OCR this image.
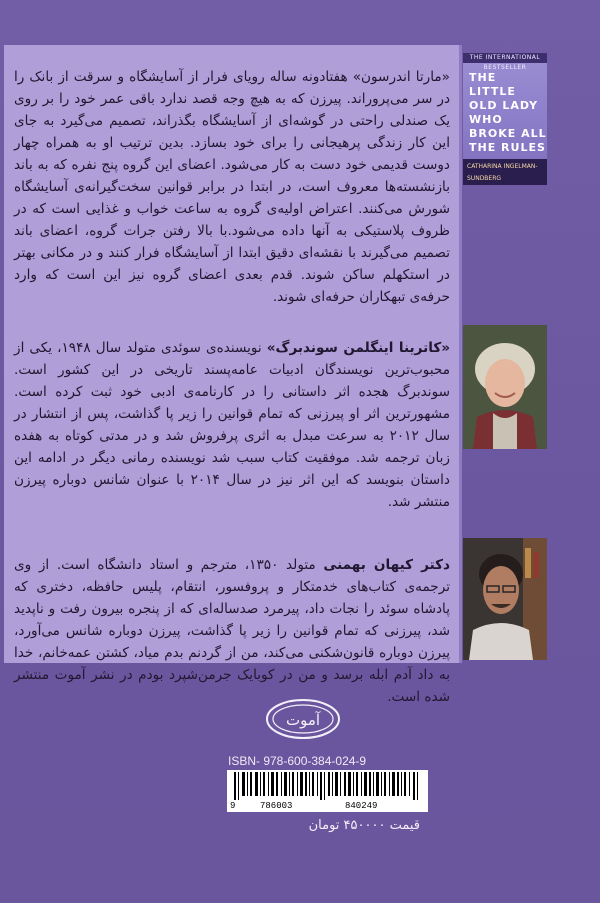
«مارتا اندرسون» هفتادونه ساله رویای فرار از آسایشگاه و سرقت از بانک را در سر می‌پروراند. پیرزن که به هیچ وجه قصد ندارد باقی عمر خود را بر روی یک صندلی راحتی در گوشه‌ای از آسایشگاه بگذراند، تصمیم می‌گیرد به جای این کار زندگی پرهیجانی را برای خود بسازد. بدین ترتیب او به همراه چهار دوست قدیمی خود دست به کار می‌شود. اعضای این گروه پنج نفره که به باند بازنشسته‌ها معروف است، در ابتدا در برابر قوانین سخت‌گیرانه‌ی آسایشگاه شورش می‌کنند. اعتراض اولیه‌ی گروه به ساعت خواب و غذایی است که در ظروف پلاستیکی به آنها داده می‌شود.با بالا رفتن جرات گروه، اعضای باند تصمیم می‌گیرند با نقشه‌ای دقیق ابتدا از آسایشگاه فرار کنند و در مکانی بهتر در استکهلم ساکن شوند. قدم بعدی اعضای گروه نیز این است که وارد حرفه‌ی تبهکاران حرفه‌ای شوند.

«کاترینا اینگلمن سوندبرگ» نویسنده‌ی سوئدی متولد سال ۱۹۴۸، یکی از محبوب‌ترین نویسندگان ادبیات عامه‌پسند تاریخی در این کشور است. سوندبرگ هجده اثر داستانی را در کارنامه‌ی ادبی خود ثبت کرده است. مشهورترین اثر او پیرزنی که تمام قوانین را زیر پا گذاشت، پس از انتشار در سال ۲۰۱۲ به سرعت مبدل به اثری پرفروش شد و در مدتی کوتاه به هفده زبان ترجمه شد. موفقیت کتاب سبب شد نویسنده رمانی دیگر در ادامه این داستان بنویسد که این اثر نیز در سال ۲۰۱۴ با عنوان شانس دوباره پیرزن منتشر شد.

دکتر کیهان بهمنی متولد ۱۳۵۰، مترجم و استاد دانشگاه است. از وی ترجمه‌ی کتاب‌های خدمتکار و پروفسور، انتقام، پلیس حافظه، دختری که پادشاه سوئد را نجات داد، پیرمرد صدساله‌ای که از پنجره بیرون رفت و ناپدید شد، پیرزنی که تمام قوانین را زیر پا گذاشت، پیرزن دوباره شانس می‌آورد، پیرزن دوباره قانون‌شکنی می‌کند، من از گردنم بدم میاد، کشتن عمه‌خانم، خدا به داد آدم ابله برسد و من در کوبایک جرمن‌شپرد بودم در نشر آموت منتشر شده است.

THE INTERNATIONAL BESTSELLER
THE LITTLE
OLD LADY WHO
BROKE ALL
THE RULES
CATHARINA INGELMAN-SUNDBERG
آموت
ISBN- 978-600-384-024-9
9	786003	840249
قیمت ۴۵۰۰۰۰ تومان
